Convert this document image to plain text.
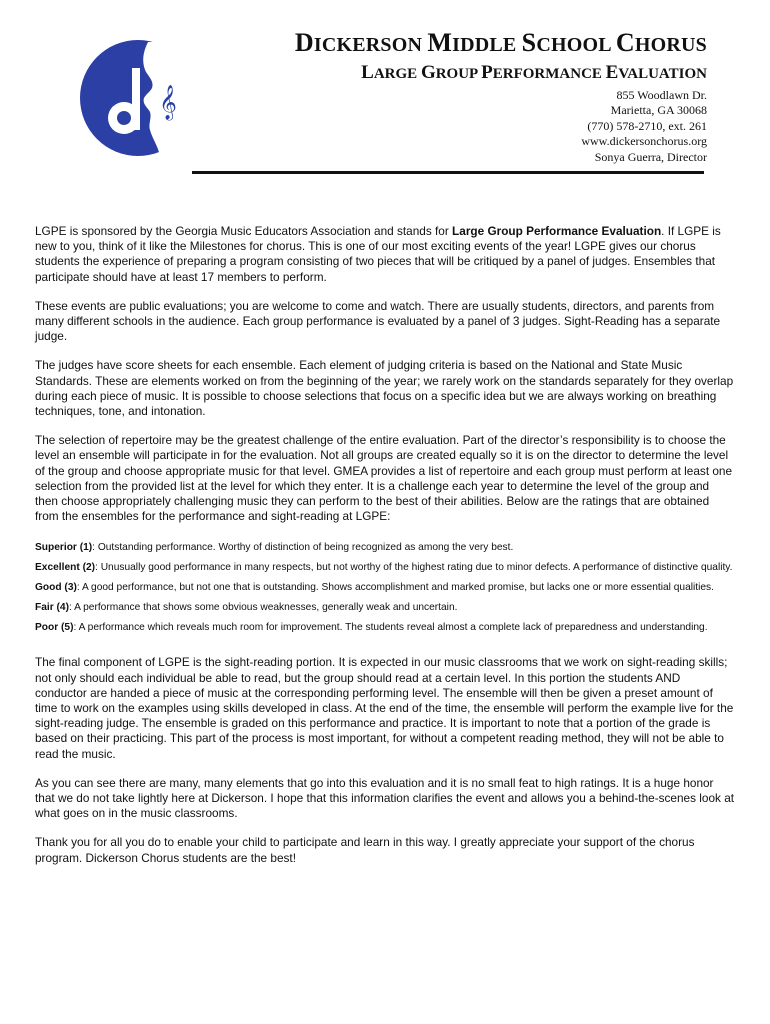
𝄞
DICKERSON MIDDLE SCHOOL CHORUS
LARGE GROUP PERFORMANCE EVALUATION
855 Woodlawn Dr.
Marietta, GA 30068
(770) 578-2710, ext. 261
www.dickersonchorus.org
Sonya Guerra, Director

LGPE is sponsored by the Georgia Music Educators Association and stands for Large Group Performance Evaluation. If LGPE is new to you, think of it like the Milestones for chorus. This is one of our most exciting events of the year! LGPE gives our chorus students the experience of preparing a program consisting of two pieces that will be critiqued by a panel of judges. Ensembles that participate should have at least 17 members to perform.

These events are public evaluations; you are welcome to come and watch. There are usually students, directors, and parents from many different schools in the audience. Each group performance is evaluated by a panel of 3 judges. Sight-Reading has a separate judge.

The judges have score sheets for each ensemble. Each element of judging criteria is based on the National and State Music Standards. These are elements worked on from the beginning of the year; we rarely work on the standards separately for they overlap during each piece of music. It is possible to choose selections that focus on a specific idea but we are always working on breathing techniques, tone, and intonation.

The selection of repertoire may be the greatest challenge of the entire evaluation. Part of the director’s responsibility is to choose the level an ensemble will participate in for the evaluation. Not all groups are created equally so it is on the director to determine the level of the group and choose appropriate music for that level. GMEA provides a list of repertoire and each group must perform at least one selection from the provided list at the level for which they enter. It is a challenge each year to determine the level of the group and then choose appropriately challenging music they can perform to the best of their abilities. Below are the ratings that are obtained from the ensembles for the performance and sight-reading at LGPE:

Superior (1): Outstanding performance. Worthy of distinction of being recognized as among the very best.
Excellent (2): Unusually good performance in many respects, but not worthy of the highest rating due to minor defects. A performance of distinctive quality.
Good (3): A good performance, but not one that is outstanding. Shows accomplishment and marked promise, but lacks one or more essential qualities.
Fair (4): A performance that shows some obvious weaknesses, generally weak and uncertain.
Poor (5): A performance which reveals much room for improvement. The students reveal almost a complete lack of preparedness and understanding.

The final component of LGPE is the sight-reading portion. It is expected in our music classrooms that we work on sight-reading skills; not only should each individual be able to read, but the group should read at a certain level. In this portion the students AND conductor are handed a piece of music at the corresponding performing level. The ensemble will then be given a preset amount of time to work on the examples using skills developed in class. At the end of the time, the ensemble will perform the example live for the sight-reading judge. The ensemble is graded on this performance and practice. It is important to note that a portion of the grade is based on their practicing. This part of the process is most important, for without a competent reading method, they will not be able to read the music.

As you can see there are many, many elements that go into this evaluation and it is no small feat to high ratings. It is a huge honor that we do not take lightly here at Dickerson. I hope that this information clarifies the event and allows you a behind-the-scenes look at what goes on in the music classrooms.

Thank you for all you do to enable your child to participate and learn in this way. I greatly appreciate your support of the chorus program. Dickerson Chorus students are the best!
